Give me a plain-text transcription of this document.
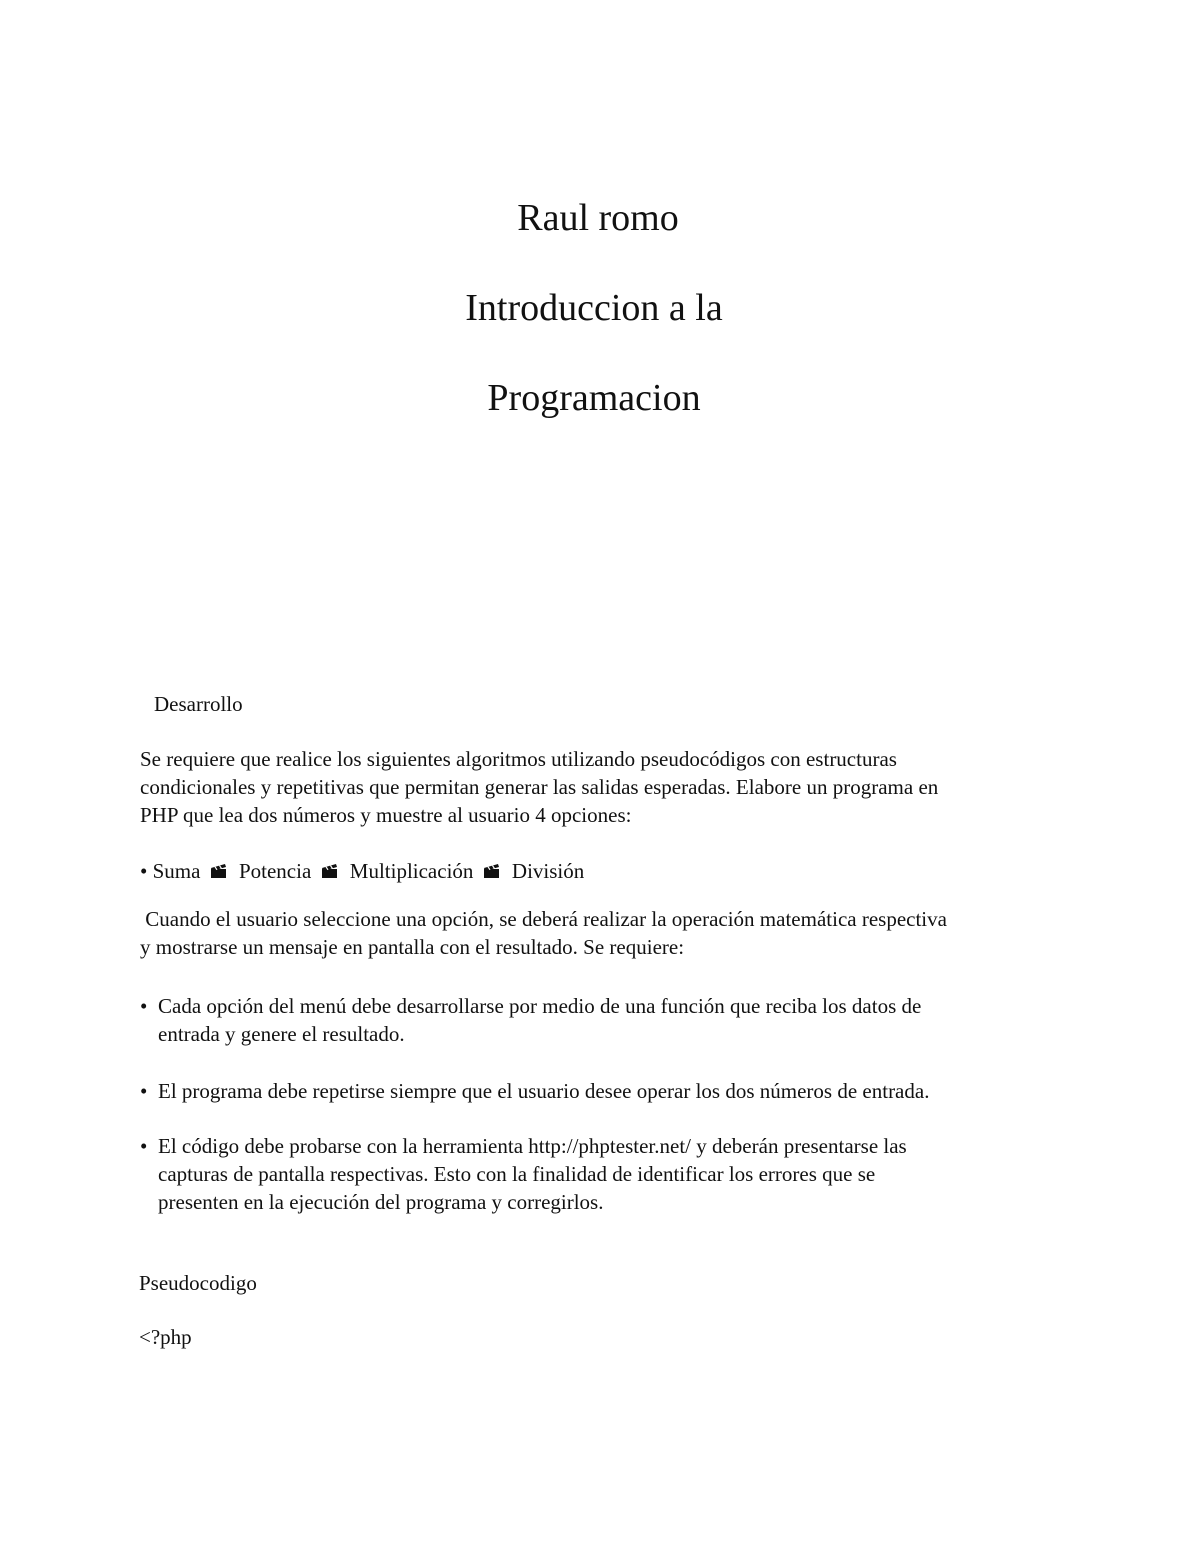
Raul romo
Introduccion a la
Programacion
Desarrollo
Se requiere que realice los siguientes algoritmos utilizando pseudocódigos con estructuras
condicionales y repetitivas que permitan generar las salidas esperadas. Elabore un programa en
PHP que lea dos números y muestre al usuario 4 opciones:
• Suma Potencia Multiplicación División
Cuando el usuario seleccione una opción, se deberá realizar la operación matemática respectiva
y mostrarse un mensaje en pantalla con el resultado. Se requiere:
• Cada opción del menú debe desarrollarse por medio de una función que reciba los datos de
entrada y genere el resultado.
• El programa debe repetirse siempre que el usuario desee operar los dos números de entrada.
• El código debe probarse con la herramienta http://phptester.net/ y deberán presentarse las
capturas de pantalla respectivas. Esto con la finalidad de identificar los errores que se
presenten en la ejecución del programa y corregirlos.
Pseudocodigo
<?php
